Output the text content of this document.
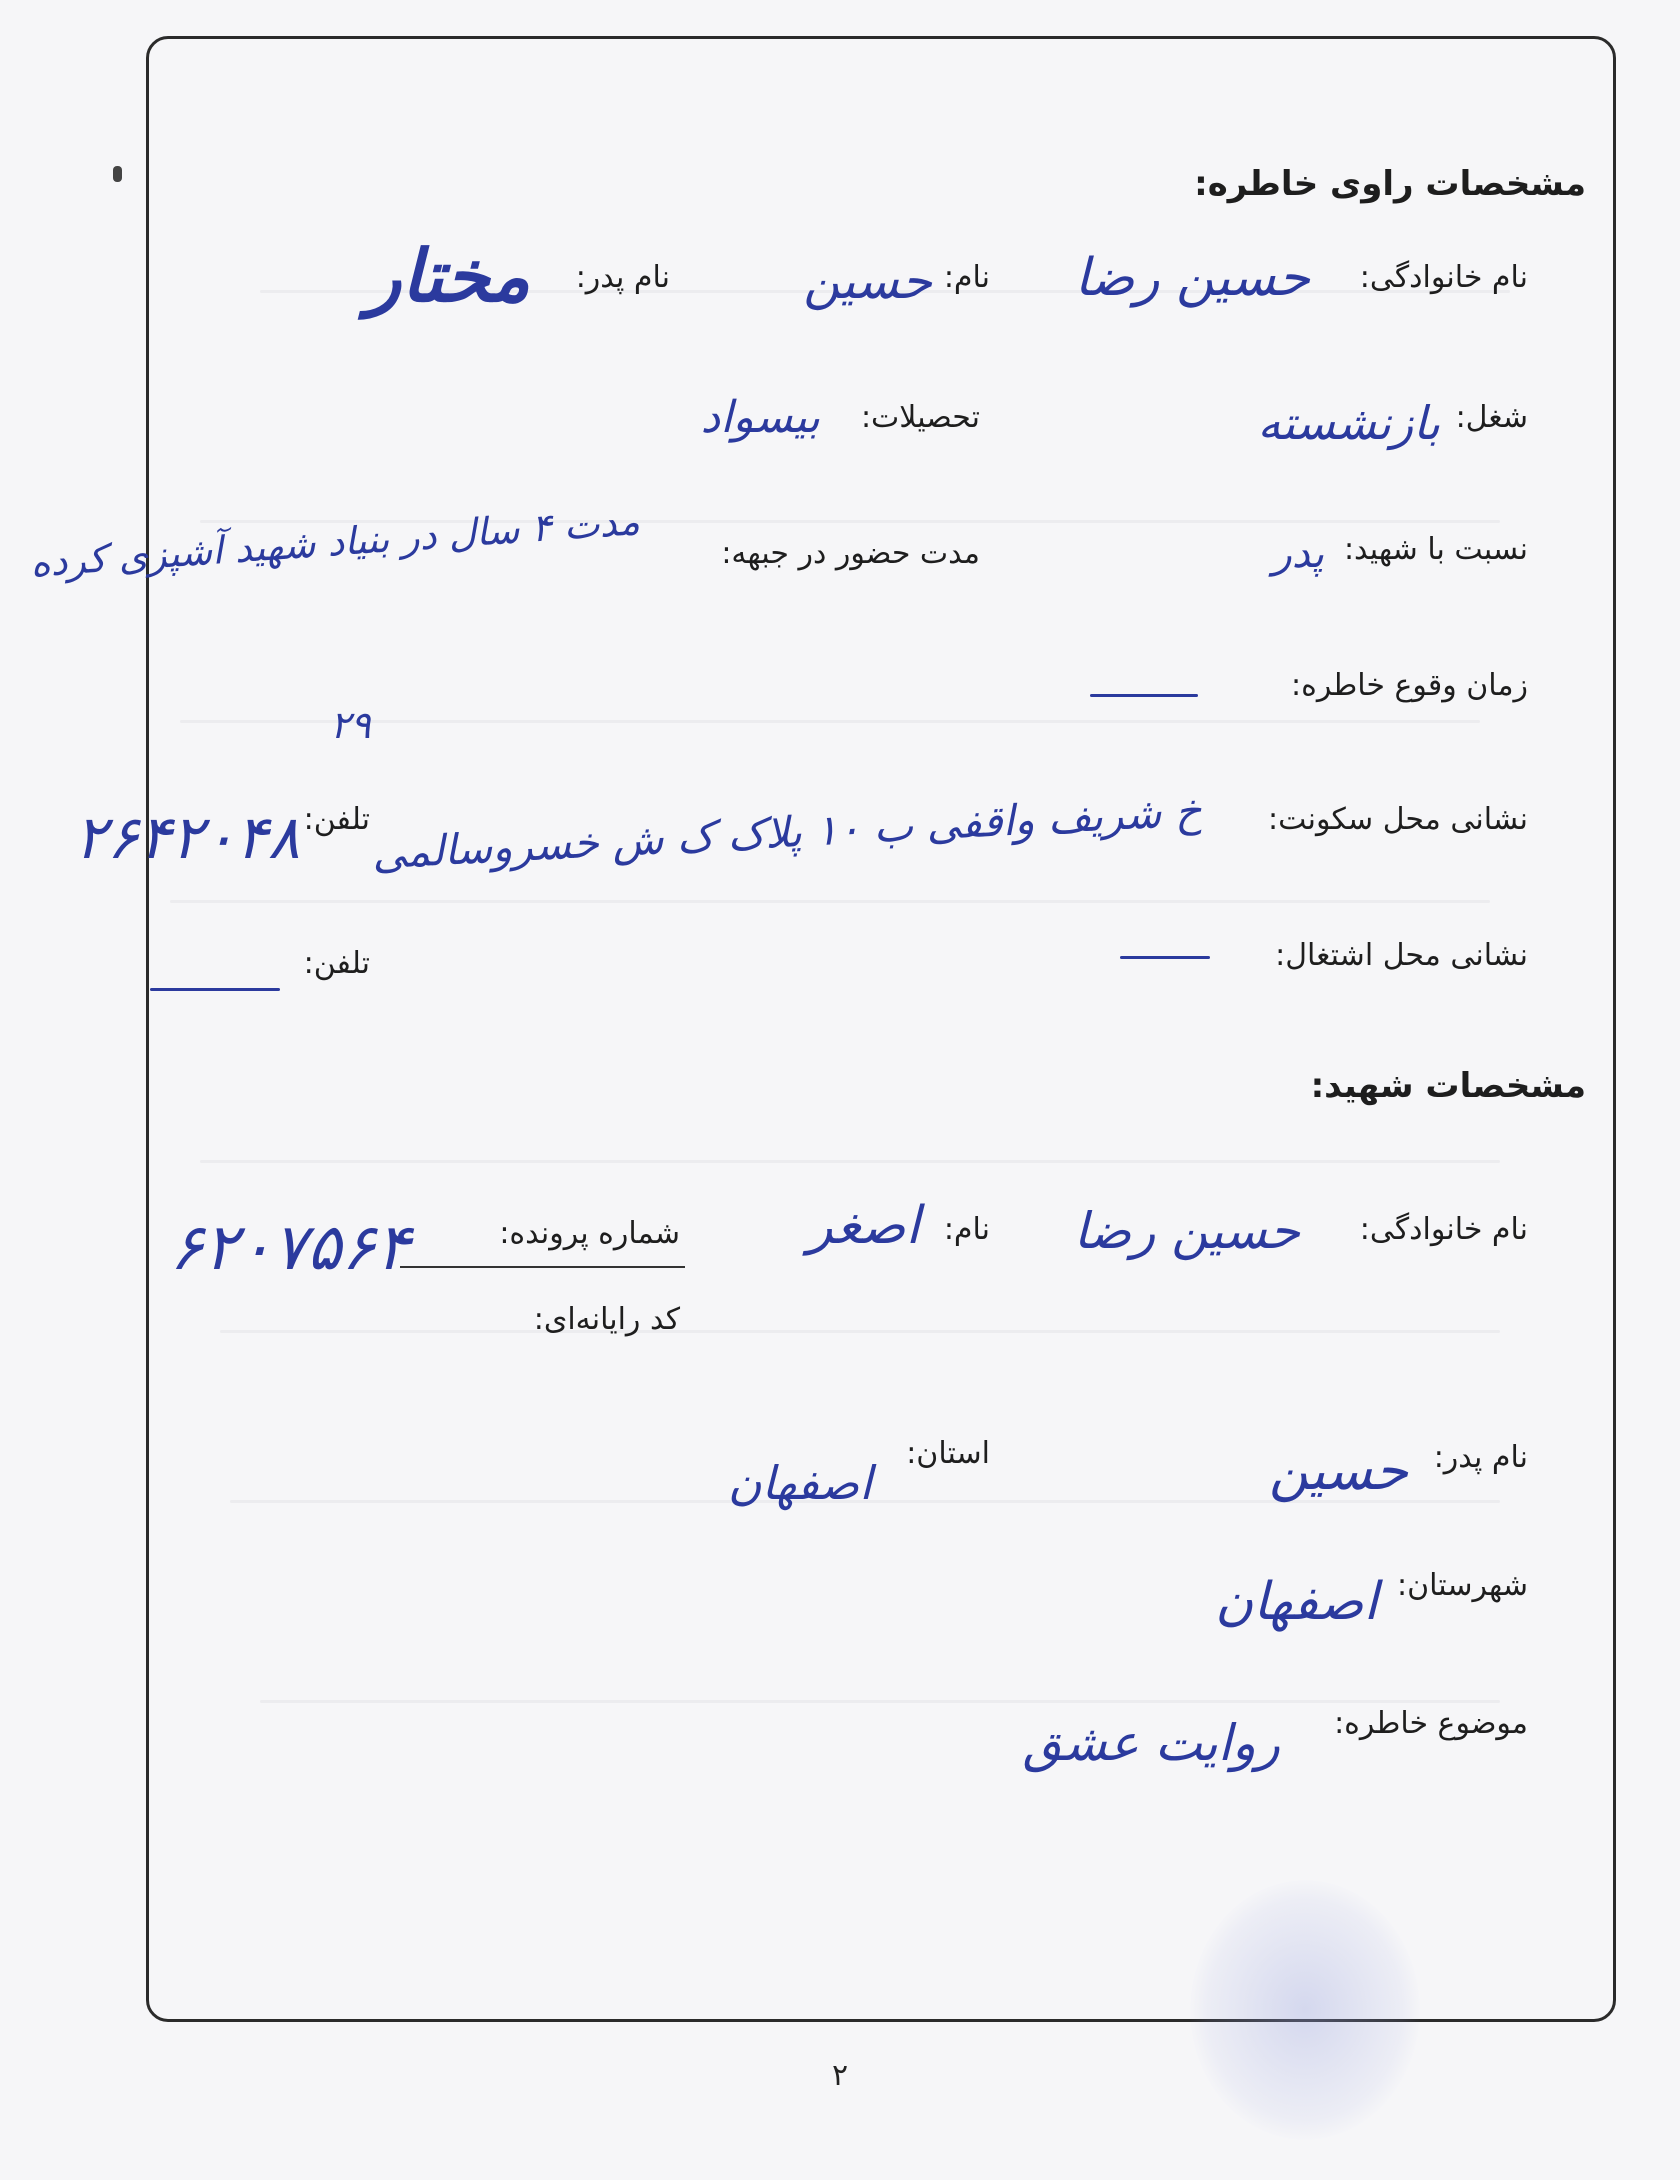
مشخصات راوی خاطره:
نام خانوادگی:
حسین رضا
نام:
حسین
نام پدر:
مختار
شغل:
بازنشسته
تحصیلات:
بیسواد
نسبت با شهید:
پدر
مدت حضور در جبهه:
مدت ۴ سال در بنیاد شهید آشپزی کرده
زمان وقوع خاطره:
نشانی محل سکونت:
خ شریف واقفی ب ۱۰ پلاک ک ش خسروسالمی
۲۹
تلفن:
۲۶۴۲۰۴۸
نشانی محل اشتغال:
تلفن:
مشخصات شهید:
نام خانوادگی:
حسین رضا
نام:
اصغر
شماره پرونده:
۶۲۰۷۵۶۴
کد رایانه‌ای:
نام پدر:
حسین
استان:
اصفهان
شهرستان:
اصفهان
موضوع خاطره:
روایت عشق
۲
